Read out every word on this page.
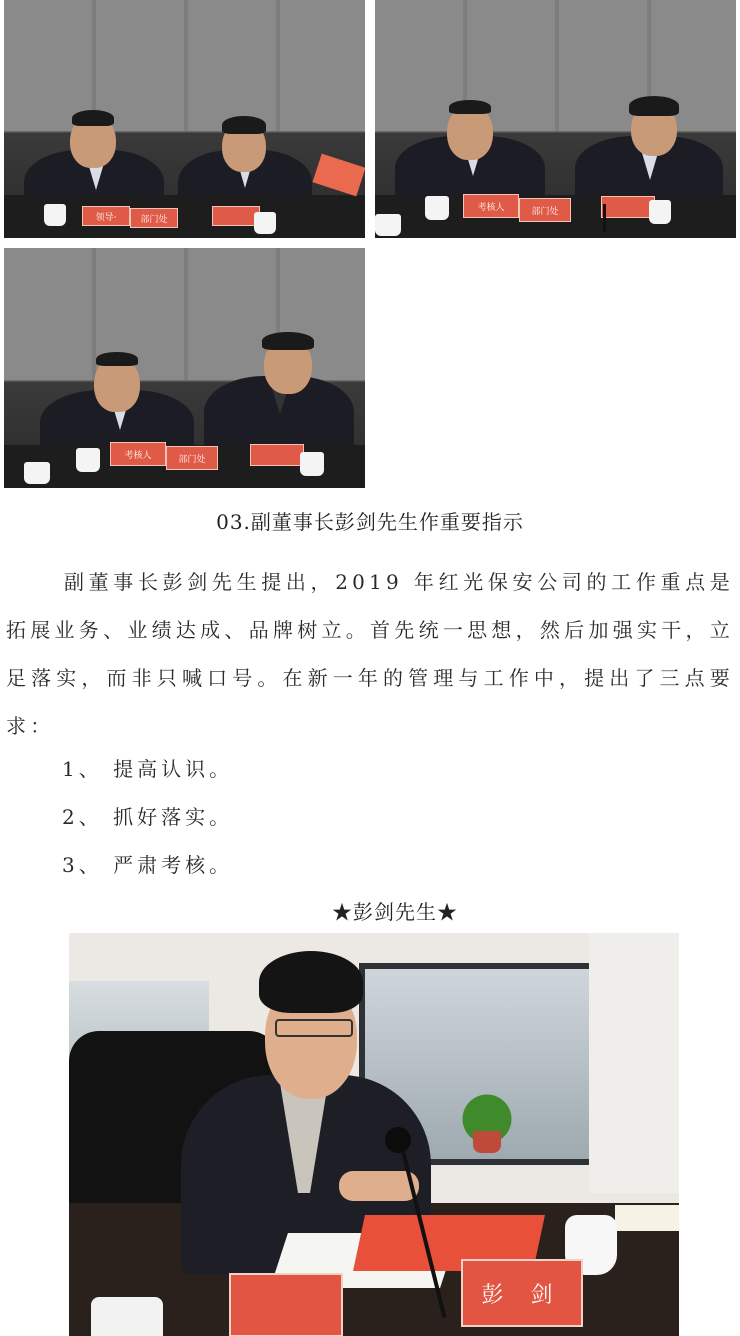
领导·	部门处
考核人	部门处
考核人	部门处
03.副董事长彭剑先生作重要指示

副董事长彭剑先生提出，2019 年红光保安公司的工作重点是拓展业务、业绩达成、品牌树立。首先统一思想，然后加强实干，立足落实，而非只喊口号。在新一年的管理与工作中，提出了三点要求：

1、 提高认识。
2、 抓好落实。
3、 严肃考核。
★彭剑先生★
彭 剑
